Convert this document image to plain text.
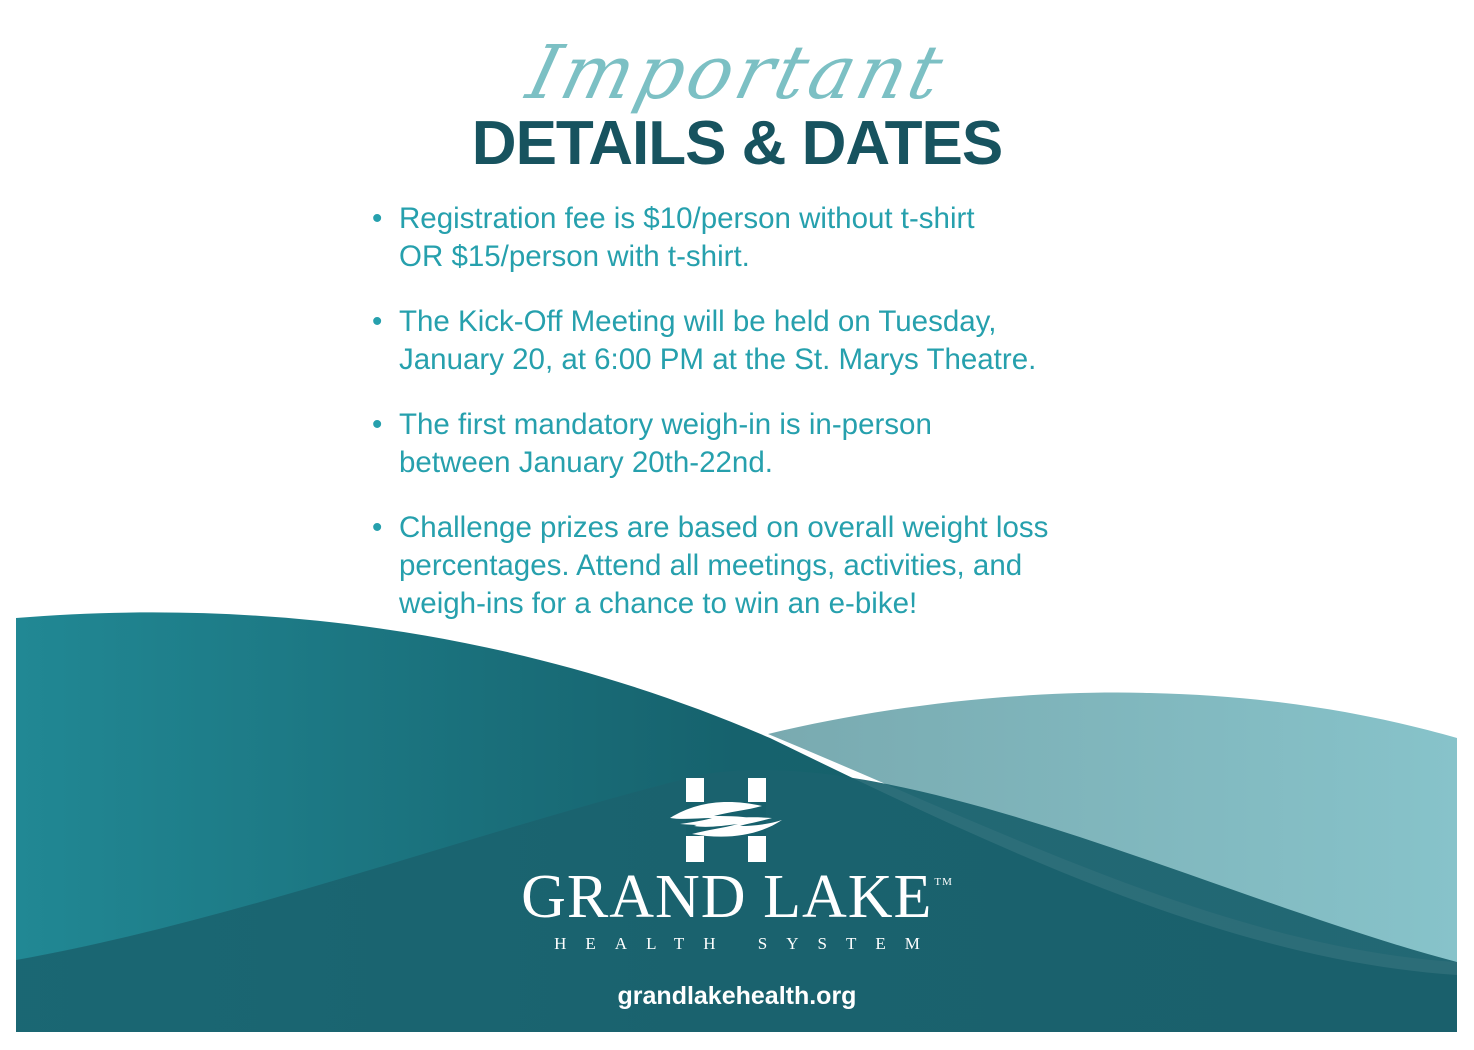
Important
DETAILS & DATES
• Registration fee is $10/person without t-shirt
OR $15/person with t-shirt.
• The Kick-Off Meeting will be held on Tuesday,
January 20, at 6:00 PM at the St. Marys Theatre.
• The first mandatory weigh-in is in-person
between January 20th-22nd.
• Challenge prizes are based on overall weight loss
percentages. Attend all meetings, activities, and
weigh-ins for a chance to win an e-bike!
GRAND LAKE ™
HEALTH SYSTEM
grandlakehealth.org
